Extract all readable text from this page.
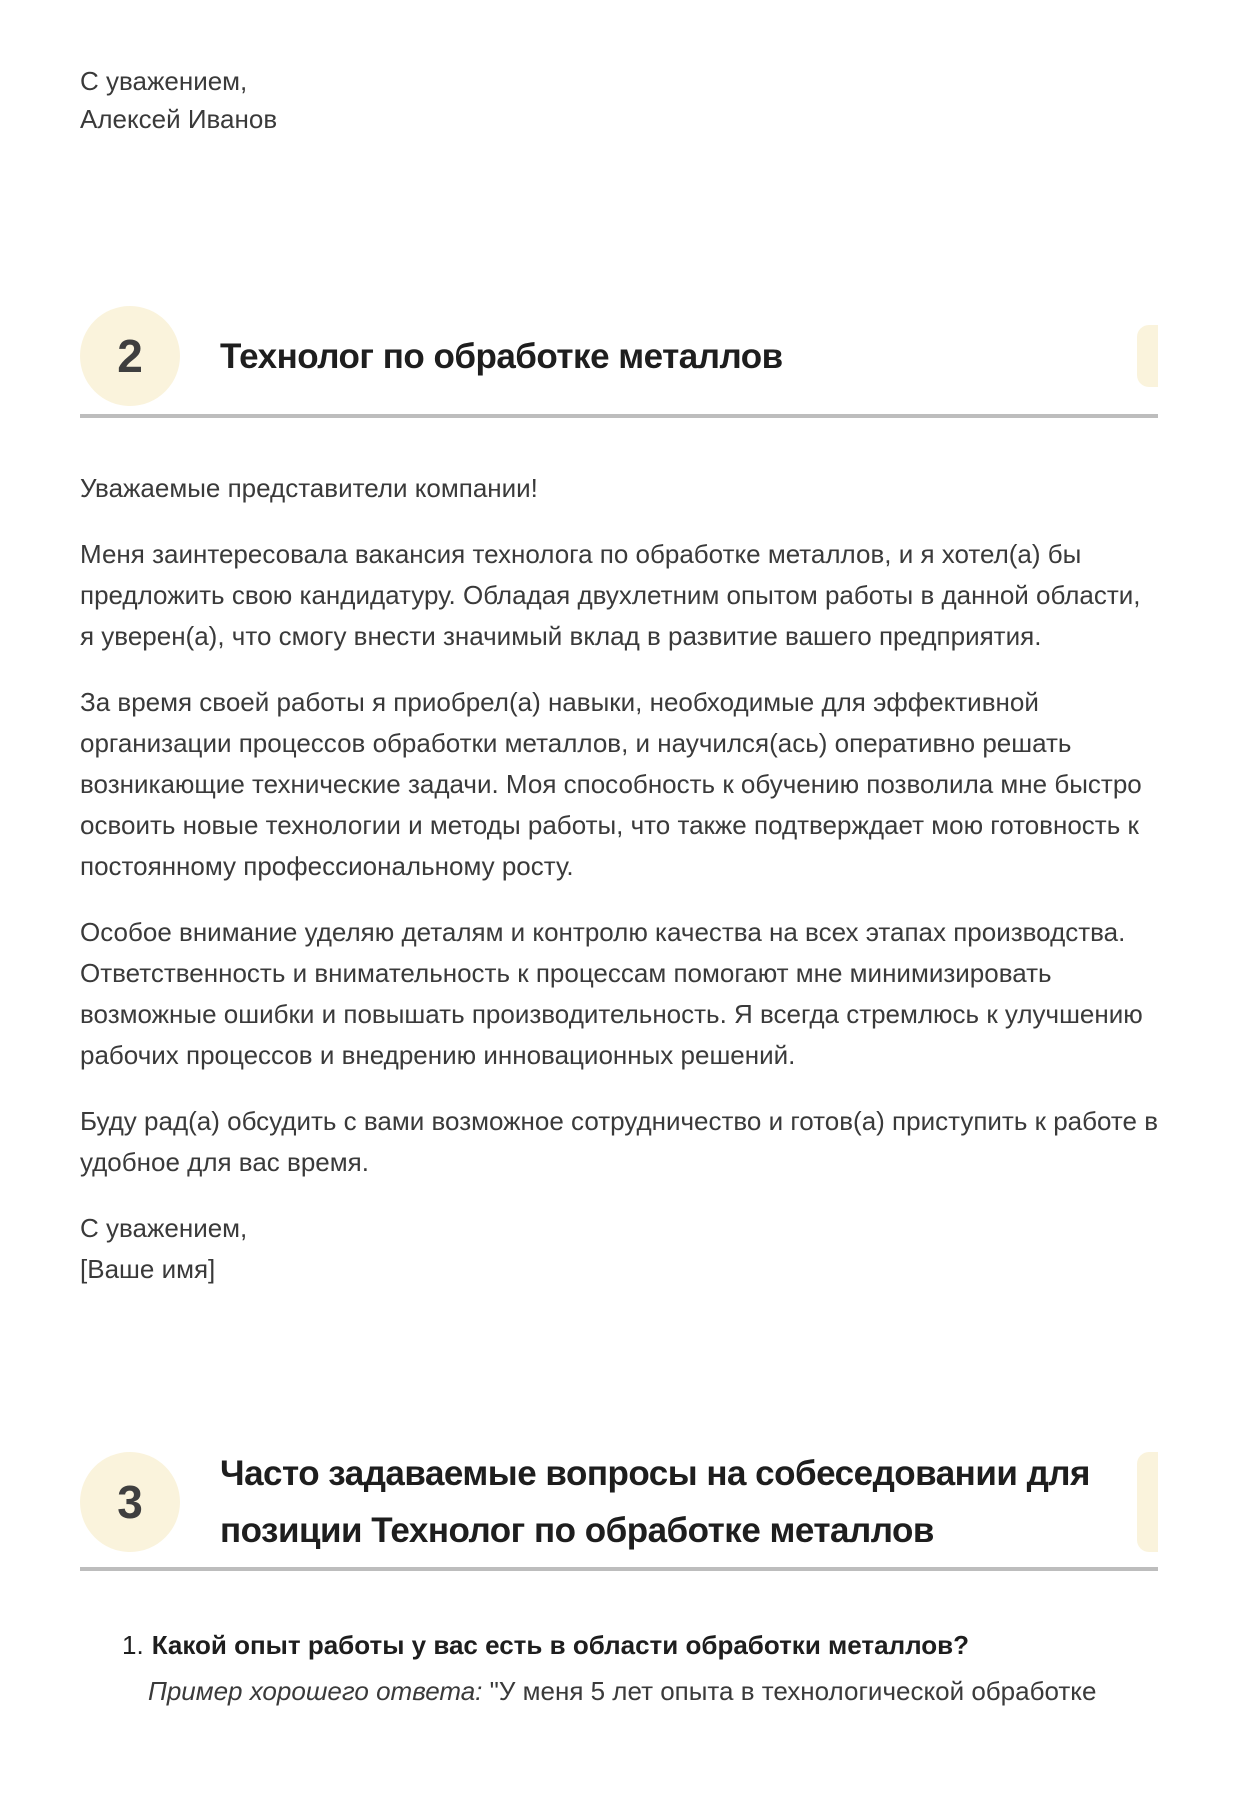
С уважением,
Алексей Иванов
2 Технолог по обработке металлов

Уважаемые представители компании!

Меня заинтересовала вакансия технолога по обработке металлов, и я хотел(а) бы предложить свою кандидатуру. Обладая двухлетним опытом работы в данной области, я уверен(а), что смогу внести значимый вклад в развитие вашего предприятия.

За время своей работы я приобрел(а) навыки, необходимые для эффективной организации процессов обработки металлов, и научился(ась) оперативно решать возникающие технические задачи. Моя способность к обучению позволила мне быстро освоить новые технологии и методы работы, что также подтверждает мою готовность к постоянному профессиональному росту.

Особое внимание уделяю деталям и контролю качества на всех этапах производства. Ответственность и внимательность к процессам помогают мне минимизировать возможные ошибки и повышать производительность. Я всегда стремлюсь к улучшению рабочих процессов и внедрению инновационных решений.

Буду рад(а) обсудить с вами возможное сотрудничество и готов(а) приступить к работе в удобное для вас время.

С уважением,
[Ваше имя]
3
Часто задаваемые вопросы на собеседовании для
позиции Технолог по обработке металлов
1. Какой опыт работы у вас есть в области обработки металлов?
Пример хорошего ответа: "У меня 5 лет опыта в технологической обработке
